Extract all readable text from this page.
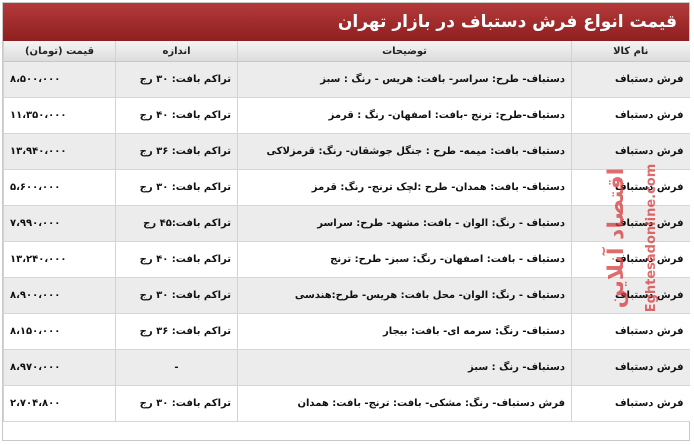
قیمت انواع فرش دستباف در بازار تهران
نام کالا	توضیحات	اندازه	قیمت (تومان)
فرش دستباف	دستباف- طرح: سراسر- بافت: هریس - رنگ : سبز	تراکم بافت: ۳۰ رج	۸،۵۰۰،۰۰۰
فرش دستباف	دستباف-طرح: ترنج -بافت: اصفهان- رنگ : قرمز	تراکم بافت: ۴۰ رج	۱۱،۳۵۰،۰۰۰
فرش دستباف	دستباف- بافت: میمه- طرح : جنگل جوشقان- رنگ: قرمزلاکی	تراکم بافت: ۳۶ رج	۱۳،۹۴۰،۰۰۰
فرش دستباف	دستباف- بافت: همدان- طرح :لچک ترنج- رنگ: قرمز	تراکم بافت: ۳۰ رج	۵،۶۰۰،۰۰۰
فرش دستباف	دستباف - رنگ: الوان - بافت: مشهد- طرح: سراسر	تراکم بافت:۴۵ رج	۷،۹۹۰،۰۰۰
فرش دستباف	دستباف - بافت: اصفهان- رنگ: سبز- طرح: ترنج	تراکم بافت: ۴۰ رج	۱۳،۲۴۰،۰۰۰
فرش دستباف	دستباف - رنگ: الوان- محل بافت: هریس- طرح:هندسی	تراکم بافت: ۳۰ رج	۸،۹۰۰،۰۰۰
فرش دستباف	دستباف- رنگ: سرمه ای- بافت: بیجار	تراکم بافت: ۳۶ رج	۸،۱۵۰،۰۰۰
فرش دستباف	دستباف- رنگ : سبز	-	۸،۹۷۰،۰۰۰
فرش دستباف	فرش دستباف- رنگ: مشکی- بافت: ترنج- بافت: همدان	تراکم بافت: ۳۰ رج	۲،۷۰۴،۸۰۰
اقتصاد آنلاین Eghtesadonline.com
